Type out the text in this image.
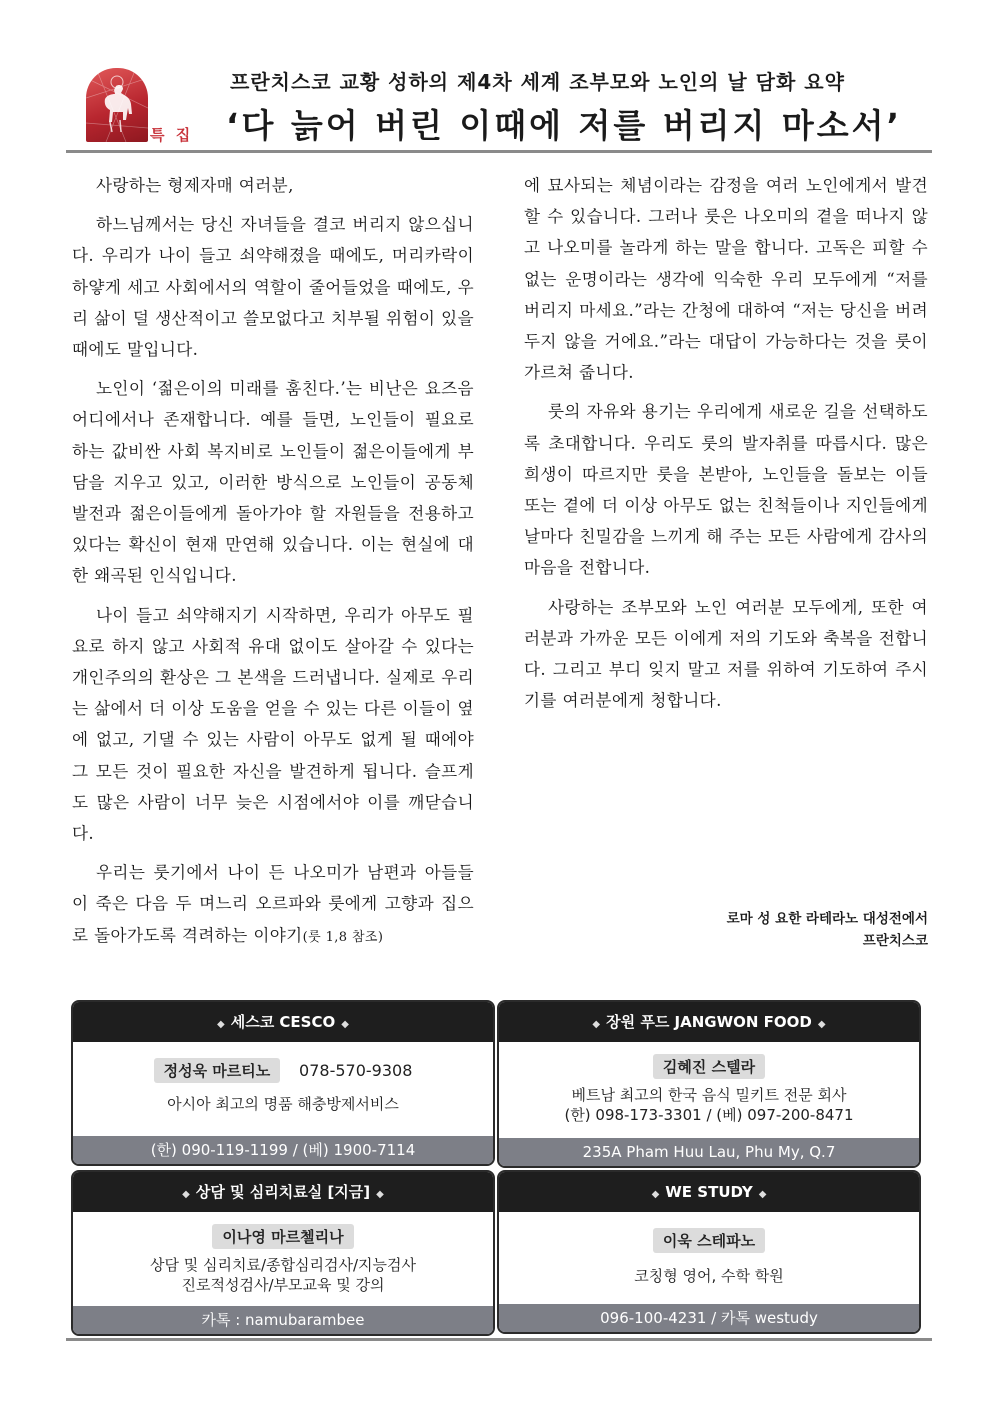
특 집
프란치스코 교황 성하의 제4차 세계 조부모와 노인의 날 담화 요약
‘다 늙어 버린 이때에 저를 버리지 마소서’

사랑하는 형제자매 여러분,

하느님께서는 당신 자녀들을 결코 버리지 않으십니다. 우리가 나이 들고 쇠약해졌을 때에도, 머리카락이 하얗게 세고 사회에서의 역할이 줄어들었을 때에도, 우리 삶이 덜 생산적이고 쓸모없다고 치부될 위험이 있을 때에도 말입니다.

노인이 ‘젊은이의 미래를 훔친다.’는 비난은 요즈음 어디에서나 존재합니다. 예를 들면, 노인들이 필요로 하는 값비싼 사회 복지비로 노인들이 젊은이들에게 부담을 지우고 있고, 이러한 방식으로 노인들이 공동체 발전과 젊은이들에게 돌아가야 할 자원들을 전용하고 있다는 확신이 현재 만연해 있습니다. 이는 현실에 대한 왜곡된 인식입니다.

나이 들고 쇠약해지기 시작하면, 우리가 아무도 필요로 하지 않고 사회적 유대 없이도 살아갈 수 있다는 개인주의의 환상은 그 본색을 드러냅니다. 실제로 우리는 삶에서 더 이상 도움을 얻을 수 있는 다른 이들이 옆에 없고, 기댈 수 있는 사람이 아무도 없게 될 때에야 그 모든 것이 필요한 자신을 발견하게 됩니다. 슬프게도 많은 사람이 너무 늦은 시점에서야 이를 깨닫습니다.

우리는 룻기에서 나이 든 나오미가 남편과 아들들이 죽은 다음 두 며느리 오르파와 룻에게 고향과 집으로 돌아가도록 격려하는 이야기(룻 1,8 참조)

에 묘사되는 체념이라는 감정을 여러 노인에게서 발견할 수 있습니다. 그러나 룻은 나오미의 곁을 떠나지 않고 나오미를 놀라게 하는 말을 합니다. 고독은 피할 수 없는 운명이라는 생각에 익숙한 우리 모두에게 “저를 버리지 마세요.”라는 간청에 대하여 “저는 당신을 버려두지 않을 거에요.”라는 대답이 가능하다는 것을 룻이 가르쳐 줍니다.

룻의 자유와 용기는 우리에게 새로운 길을 선택하도록 초대합니다. 우리도 룻의 발자취를 따릅시다. 많은 희생이 따르지만 룻을 본받아, 노인들을 돌보는 이들 또는 곁에 더 이상 아무도 없는 친척들이나 지인들에게 날마다 친밀감을 느끼게 해 주는 모든 사람에게 감사의 마음을 전합니다.

사랑하는 조부모와 노인 여러분 모두에게, 또한 여러분과 가까운 모든 이에게 저의 기도와 축복을 전합니다. 그리고 부디 잊지 말고 저를 위하여 기도하여 주시기를 여러분에게 청합니다.

로마 성 요한 라테라노 대성전에서
프란치스코
◆ 세스코 CESCO ◆
정성욱 마르티노 078-570-9308
아시아 최고의 명품 해충방제서비스
(한) 090-119-1199 / (베) 1900-7114
◆ 장원 푸드 JANGWON FOOD ◆
김혜진 스텔라
베트남 최고의 한국 음식 밀키트 전문 회사
(한) 098-173-3301 / (베) 097-200-8471
235A Pham Huu Lau, Phu My, Q.7
◆ 상담 및 심리치료실 [지금] ◆
이나영 마르첼리나
상담 및 심리치료/종합심리검사/지능검사
진로적성검사/부모교육 및 강의
카톡 : namubarambee
◆ WE STUDY ◆
이욱 스테파노
코칭형 영어, 수학 학원
096-100-4231 / 카톡 westudy
